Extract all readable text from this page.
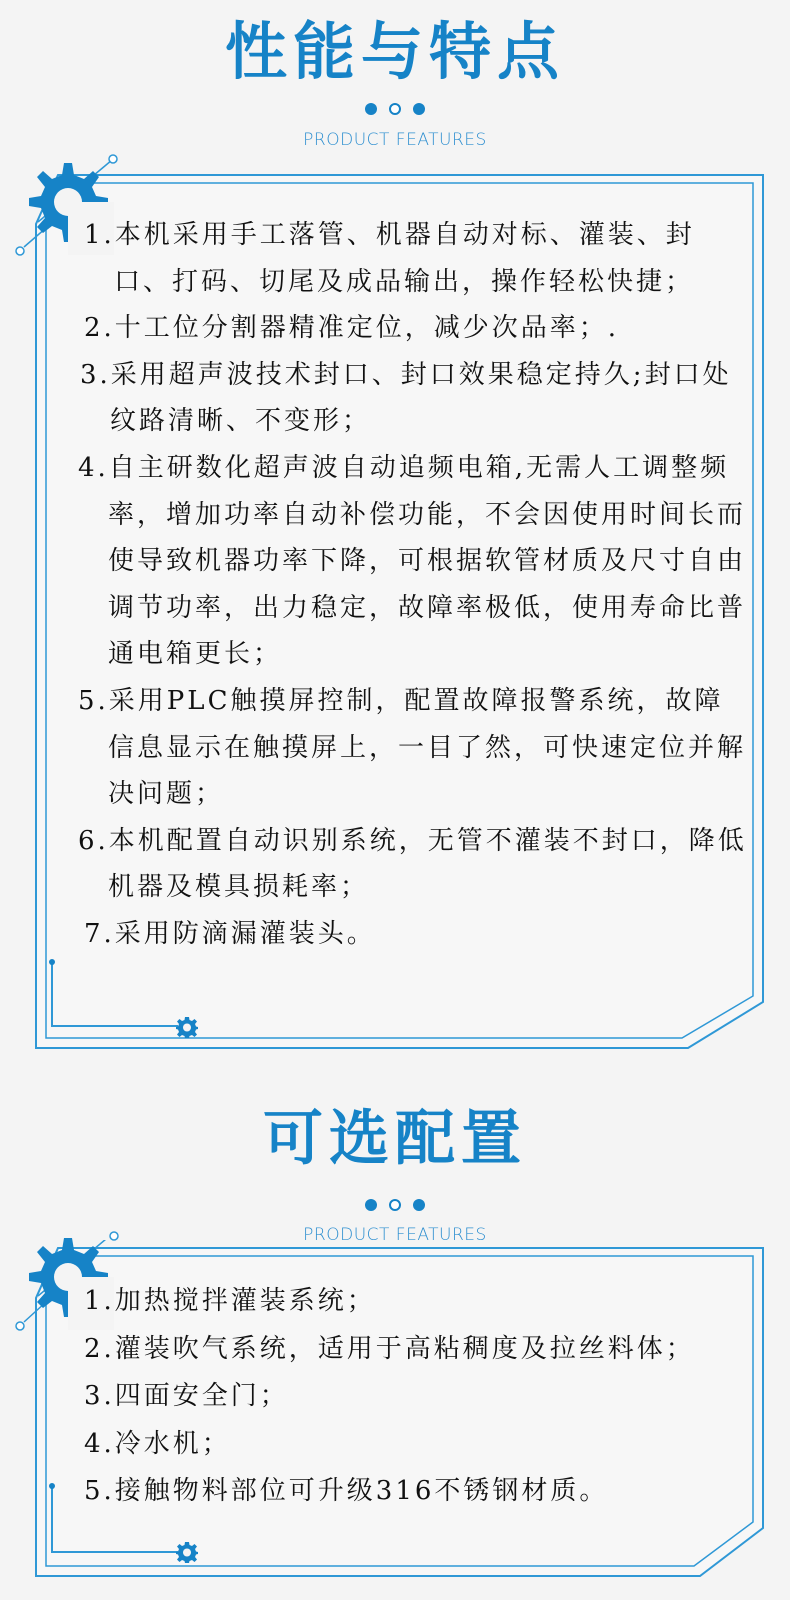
性能与特点
PRODUCT FEATURES

1.本机采用手工落管、机器自动对标、灌装、封口、打码、切尾及成品输出，操作轻松快捷；

2.十工位分割器精准定位，减少次品率；.

3.采用超声波技术封口、封口效果稳定持久;封口处纹路清晰、不变形；

4.自主研数化超声波自动追频电箱,无需人工调整频率，增加功率自动补偿功能，不会因使用时间长而使导致机器功率下降，可根据软管材质及尺寸自由调节功率，出力稳定，故障率极低，使用寿命比普通电箱更长；

5.采用PLC触摸屏控制，配置故障报警系统，故障信息显示在触摸屏上，一目了然，可快速定位并解决问题；

6.本机配置自动识别系统，无管不灌装不封口，降低机器及模具损耗率；

7.采用防滴漏灌装头。

可选配置
PRODUCT FEATURES

1.加热搅拌灌装系统；

2.灌装吹气系统，适用于高粘稠度及拉丝料体；

3.四面安全门；

4.冷水机；

5.接触物料部位可升级316不锈钢材质。
